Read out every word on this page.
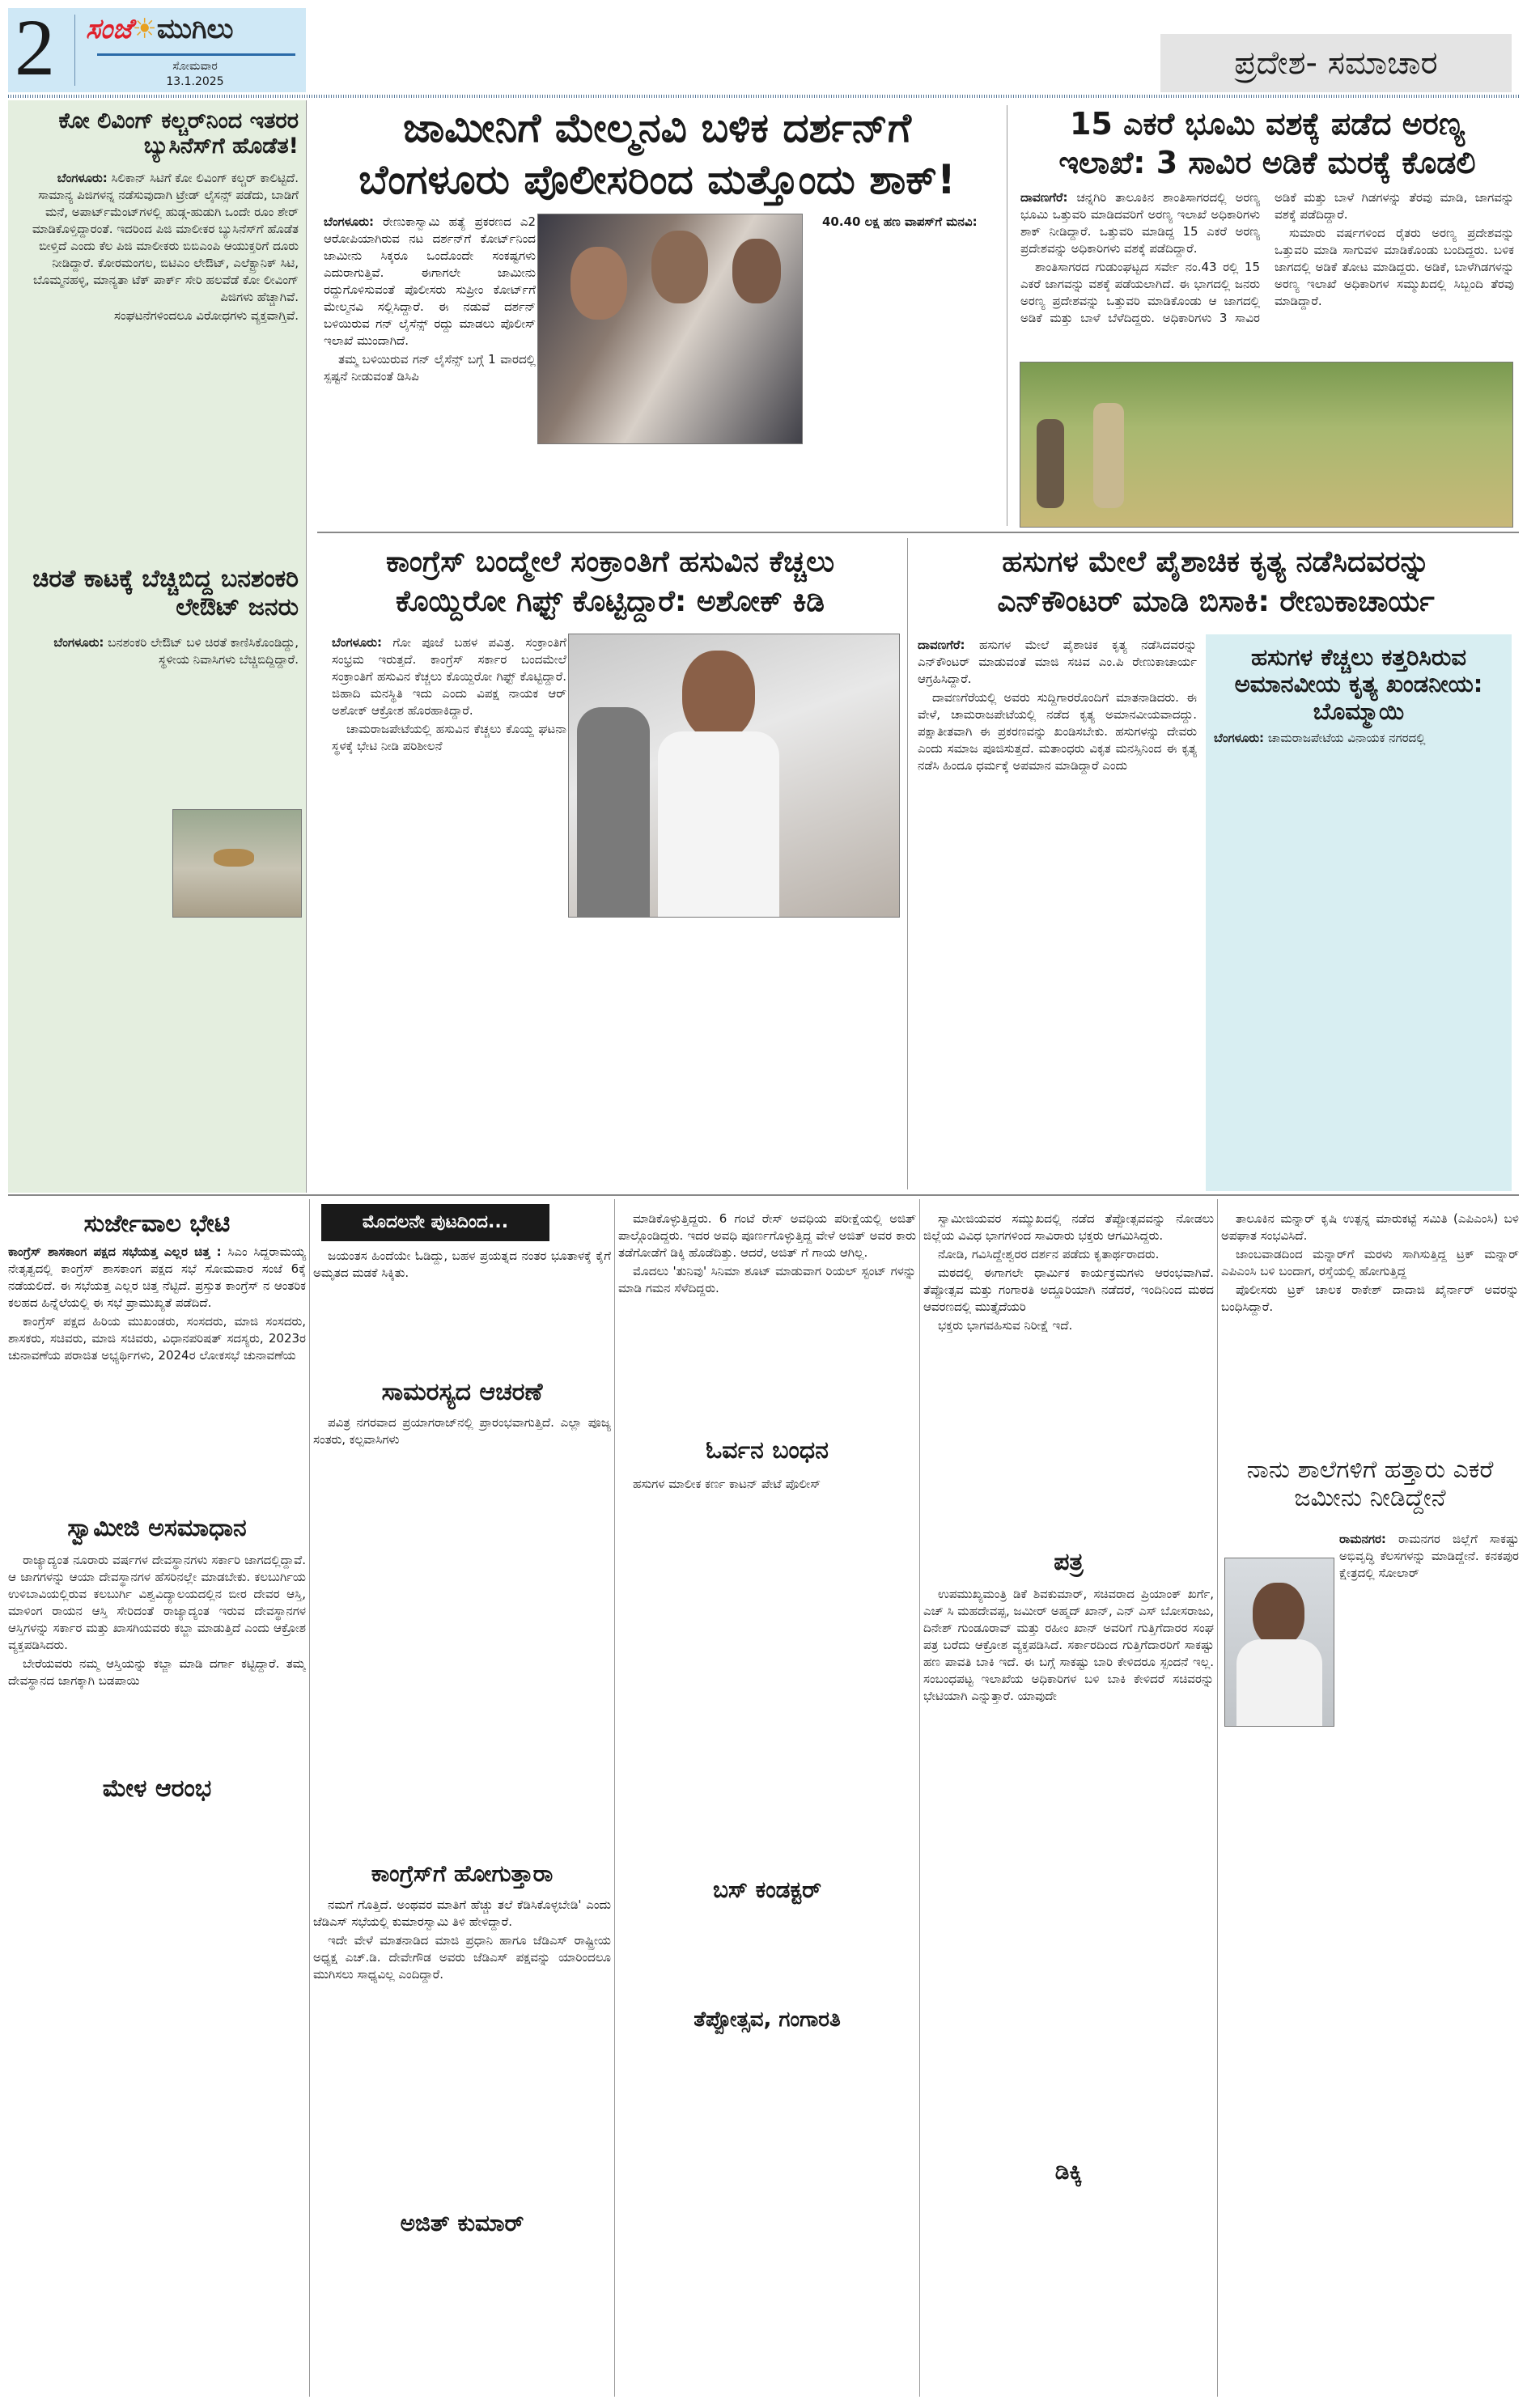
2 ಸಂಜೆ☀ಮುಗಿಲು
ಸೋಮವಾರ
13.1.2025	ಪ್ರದೇಶ- ಸಮಾಚಾರ
ಕೋ ಲಿವಿಂಗ್ ಕಲ್ಚರ್‌ನಿಂದ ಇತರರ ಬ್ಯುಸಿನೆಸ್‌ಗೆ ಹೊಡೆತ!

ಬೆಂಗಳೂರು: ಸಿಲಿಕಾನ್ ಸಿಟಿಗೆ ಕೋ ಲಿವಿಂಗ್ ಕಲ್ಚರ್ ಕಾಲಿಟ್ಟಿದೆ. ಸಾಮಾನ್ಯ ಪಿಜಿಗಳನ್ನ ನಡೆಸುವುದಾಗಿ ಟ್ರೇಡ್ ಲೈಸನ್ಸ್ ಪಡೆದು, ಬಾಡಿಗೆ ಮನೆ, ಅಪಾರ್ಟ್‌ಮೆಂಟ್‌ಗಳಲ್ಲಿ ಹುಡ್ಗ-ಹುಡುಗಿ ಒಂದೇ ರೂಂ ಶೇರ್ ಮಾಡಿಕೊಳ್ತಿದ್ದಾರಂತೆ. ಇದರಿಂದ ಪಿಜಿ ಮಾಲೀಕರ ಬ್ಯುಸಿನೆಸ್‌ಗೆ ಹೊಡೆತ ಬೀಳ್ತಿದೆ ಎಂದು ಕೆಲ ಪಿಜಿ ಮಾಲೀಕರು ಬಿಬಿಎಂಪಿ ಆಯುಕ್ತರಿಗೆ ದೂರು ನೀಡಿದ್ದಾರೆ. ಕೋರಮಂಗಲ, ಬಿಟಿಎಂ ಲೇಔಟ್, ಎಲೆಕ್ಟ್ರಾನಿಕ್ ಸಿಟಿ, ಬೊಮ್ಮನಹಳ್ಳಿ, ಮಾನ್ಯತಾ ಟೆಕ್ ಪಾರ್ಕ್ ಸೇರಿ ಹಲವೆಡೆ ಕೋ ಲೀವಿಂಗ್ ಪಿಜಿಗಳು ಹೆಚ್ಚಾಗಿವೆ.

ಸಂಘಟನೆಗಳಿಂದಲೂ ವಿರೋಧಗಳು ವ್ಯಕ್ತವಾಗ್ತಿವೆ.

ಚಿರತೆ ಕಾಟಕ್ಕೆ ಬೆಚ್ಚಿಬಿದ್ದ ಬನಶಂಕರಿ ಲೇಔಟ್ ಜನರು

ಬೆಂಗಳೂರು: ಬನಶಂಕರಿ ಲೇಔಟ್ ಬಳಿ ಚಿರತೆ ಕಾಣಿಸಿಕೊಂಡಿದ್ದು, ಸ್ಥಳೀಯ ನಿವಾಸಿಗಳು ಬೆಚ್ಚಿಬಿದ್ದಿದ್ದಾರೆ.

ಜಾಮೀನಿಗೆ ಮೇಲ್ಮನವಿ ಬಳಿಕ ದರ್ಶನ್‌ಗೆ
ಬೆಂಗಳೂರು ಪೊಲೀಸರಿಂದ ಮತ್ತೊಂದು ಶಾಕ್!

ಬೆಂಗಳೂರು: ರೇಣುಕಾಸ್ವಾಮಿ ಹತ್ಯೆ ಪ್ರಕರಣದ ಎ2 ಆರೋಪಿಯಾಗಿರುವ ನಟ ದರ್ಶನ್‌ಗೆ ಕೋರ್ಟ್‌ನಿಂದ ಜಾಮೀನು ಸಿಕ್ಕರೂ ಒಂದೊಂದೇ ಸಂಕಷ್ಟಗಳು ಎದುರಾಗುತ್ತಿವೆ. ಈಗಾಗಲೇ ಜಾಮೀನು ರದ್ದುಗೊಳಿಸುವಂತೆ ಪೊಲೀಸರು ಸುಪ್ರೀಂ ಕೋರ್ಟ್‌ಗೆ ಮೇಲ್ಮನವಿ ಸಲ್ಲಿಸಿದ್ದಾರೆ. ಈ ನಡುವೆ ದರ್ಶನ್ ಬಳಿಯಿರುವ ಗನ್ ಲೈಸೆನ್ಸ್ ರದ್ದು ಮಾಡಲು ಪೊಲೀಸ್ ಇಲಾಖೆ ಮುಂದಾಗಿದೆ.

ತಮ್ಮ ಬಳಿಯಿರುವ ಗನ್ ಲೈಸೆನ್ಸ್ ಬಗ್ಗೆ 1 ವಾರದಲ್ಲಿ ಸ್ಪಷ್ಟನೆ ನೀಡುವಂತೆ ಡಿಸಿಪಿ

40.40 ಲಕ್ಷ ಹಣ ವಾಪಸ್‌ಗೆ ಮನವಿ:

15 ಎಕರೆ ಭೂಮಿ ವಶಕ್ಕೆ ಪಡೆದ ಅರಣ್ಯ
ಇಲಾಖೆ: 3 ಸಾವಿರ ಅಡಿಕೆ ಮರಕ್ಕೆ ಕೊಡಲಿ

ದಾವಣಗೆರೆ: ಚನ್ನಗಿರಿ ತಾಲೂಕಿನ ಶಾಂತಿಸಾಗರದಲ್ಲಿ ಅರಣ್ಯ ಭೂಮಿ ಒತ್ತುವರಿ ಮಾಡಿದವರಿಗೆ ಅರಣ್ಯ ಇಲಾಖೆ ಅಧಿಕಾರಿಗಳು ಶಾಕ್ ನೀಡಿದ್ದಾರೆ. ಒತ್ತುವರಿ ಮಾಡಿದ್ದ 15 ಎಕರೆ ಅರಣ್ಯ ಪ್ರದೇಶವನ್ನು ಅಧಿಕಾರಿಗಳು ವಶಕ್ಕೆ ಪಡೆದಿದ್ದಾರೆ.

ಶಾಂತಿಸಾಗರದ ಗುಡುಂಘಟ್ಟದ ಸರ್ವೇ ನಂ.43 ರಲ್ಲಿ 15 ಎಕರೆ ಜಾಗವನ್ನು ವಶಕ್ಕೆ ಪಡೆಯಲಾಗಿದೆ. ಈ ಭಾಗದಲ್ಲಿ ಜನರು ಅರಣ್ಯ ಪ್ರದೇಶವನ್ನು ಒತ್ತುವರಿ ಮಾಡಿಕೊಂಡು ಆ ಜಾಗದಲ್ಲಿ ಅಡಿಕೆ ಮತ್ತು ಬಾಳೆ ಬೆಳೆದಿದ್ದರು. ಅಧಿಕಾರಿಗಳು 3 ಸಾವಿರ ಅಡಿಕೆ ಮತ್ತು ಬಾಳೆ ಗಿಡಗಳನ್ನು ತೆರವು ಮಾಡಿ, ಜಾಗವನ್ನು ವಶಕ್ಕೆ ಪಡೆದಿದ್ದಾರೆ.

ಸುಮಾರು ವರ್ಷಗಳಿಂದ ರೈತರು ಅರಣ್ಯ ಪ್ರದೇಶವನ್ನು ಒತ್ತುವರಿ ಮಾಡಿ ಸಾಗುವಳಿ ಮಾಡಿಕೊಂಡು ಬಂದಿದ್ದರು. ಬಳಿಕ ಜಾಗದಲ್ಲಿ ಅಡಿಕೆ ತೋಟ ಮಾಡಿದ್ದರು. ಅಡಿಕೆ, ಬಾಳೆಗಿಡಗಳನ್ನು ಅರಣ್ಯ ಇಲಾಖೆ ಅಧಿಕಾರಿಗಳ ಸಮ್ಮುಖದಲ್ಲಿ ಸಿಬ್ಬಂದಿ ತೆರವು ಮಾಡಿದ್ದಾರೆ.

ಕಾಂಗ್ರೆಸ್ ಬಂದ್ಮೇಲೆ ಸಂಕ್ರಾಂತಿಗೆ ಹಸುವಿನ ಕೆಚ್ಚಲು
ಕೊಯ್ದಿರೋ ಗಿಫ್ಟ್ ಕೊಟ್ಟಿದ್ದಾರೆ: ಅಶೋಕ್ ಕಿಡಿ

ಬೆಂಗಳೂರು: ಗೋ ಪೂಜೆ ಬಹಳ ಪವಿತ್ರ. ಸಂಕ್ರಾಂತಿಗೆ ಸಂಭ್ರಮ ಇರುತ್ತದೆ. ಕಾಂಗ್ರೆಸ್ ಸರ್ಕಾರ ಬಂದಮೇಲೆ ಸಂಕ್ರಾಂತಿಗೆ ಹಸುವಿನ ಕೆಚ್ಚಲು ಕೊಯ್ದಿರೋ ಗಿಫ್ಟ್ ಕೊಟ್ಟಿದ್ದಾರೆ. ಜಿಹಾದಿ ಮನಸ್ಥಿತಿ ಇದು ಎಂದು ವಿಪಕ್ಷ ನಾಯಕ ಆರ್ ಅಶೋಕ್ ಆಕ್ರೋಶ ಹೊರಹಾಕಿದ್ದಾರೆ.

ಚಾಮರಾಜಪೇಟೆಯಲ್ಲಿ ಹಸುವಿನ ಕೆಚ್ಚಲು ಕೊಯ್ದ ಘಟನಾ ಸ್ಥಳಕ್ಕೆ ಭೇಟಿ ನೀಡಿ ಪರಿಶೀಲನೆ

ಹಸುಗಳ ಮೇಲೆ ಪೈಶಾಚಿಕ ಕೃತ್ಯ ನಡೆಸಿದವರನ್ನು
ಎನ್‌ಕೌಂಟರ್ ಮಾಡಿ ಬಿಸಾಕಿ: ರೇಣುಕಾಚಾರ್ಯ

ದಾವಣಗೆರೆ: ಹಸುಗಳ ಮೇಲೆ ಪೈಶಾಚಿಕ ಕೃತ್ಯ ನಡೆಸಿದವರನ್ನು ಎನ್‌ಕೌಂಟರ್ ಮಾಡುವಂತೆ ಮಾಜಿ ಸಚಿವ ಎಂ.ಪಿ ರೇಣುಕಾಚಾರ್ಯ ಆಗ್ರಹಿಸಿದ್ದಾರೆ.

ದಾವಣಗೆರೆಯಲ್ಲಿ ಅವರು ಸುದ್ದಿಗಾರರೊಂದಿಗೆ ಮಾತನಾಡಿದರು. ಈ ವೇಳೆ, ಚಾಮರಾಜಪೇಟೆಯಲ್ಲಿ ನಡೆದ ಕೃತ್ಯ ಅಮಾನವೀಯವಾದದ್ದು. ಪಕ್ಷಾತೀತವಾಗಿ ಈ ಪ್ರಕರಣವನ್ನು ಖಂಡಿಸಬೇಕು. ಹಸುಗಳನ್ನು ದೇವರು ಎಂದು ಸಮಾಜ ಪೂಜಿಸುತ್ತದೆ. ಮತಾಂಧರು ವಿಕೃತ ಮನಸ್ಸಿನಿಂದ ಈ ಕೃತ್ಯ ನಡೆಸಿ ಹಿಂದೂ ಧರ್ಮಕ್ಕೆ ಅಪಮಾನ ಮಾಡಿದ್ದಾರೆ ಎಂದು

ಹಸುಗಳ ಕೆಚ್ಚಲು ಕತ್ತರಿಸಿರುವ ಅಮಾನವೀಯ ಕೃತ್ಯ ಖಂಡನೀಯ: ಬೊಮ್ಮಾಯಿ

ಬೆಂಗಳೂರು: ಚಾಮರಾಜಪೇಟೆಯ ವಿನಾಯಕ ನಗರದಲ್ಲಿ

ಸುರ್ಜೇವಾಲ ಭೇಟಿ

ಕಾಂಗ್ರೆಸ್ ಶಾಸಕಾಂಗ ಪಕ್ಷದ ಸಭೆಯತ್ತ ಎಲ್ಲರ ಚಿತ್ತ : ಸಿಎಂ ಸಿದ್ದರಾಮಯ್ಯ ನೇತೃತ್ವದಲ್ಲಿ ಕಾಂಗ್ರೆಸ್ ಶಾಸಕಾಂಗ ಪಕ್ಷದ ಸಭೆ ಸೋಮವಾರ ಸಂಜೆ 6ಕ್ಕೆ ನಡೆಯಲಿದೆ. ಈ ಸಭೆಯತ್ತ ಎಲ್ಲರ ಚಿತ್ತ ನೆಟ್ಟಿದೆ. ಪ್ರಸ್ತುತ ಕಾಂಗ್ರೆಸ್ ನ ಆಂತರಿಕ ಕಲಹದ ಹಿನ್ನೆಲೆಯಲ್ಲಿ ಈ ಸಭೆ ಪ್ರಾಮುಖ್ಯತೆ ಪಡೆದಿದೆ.

ಕಾಂಗ್ರೆಸ್ ಪಕ್ಷದ ಹಿರಿಯ ಮುಖಂಡರು, ಸಂಸದರು, ಮಾಜಿ ಸಂಸದರು, ಶಾಸಕರು, ಸಚಿವರು, ಮಾಜಿ ಸಚಿವರು, ವಿಧಾನಪರಿಷತ್ ಸದಸ್ಯರು, 2023ರ ಚುನಾವಣೆಯ ಪರಾಜಿತ ಅಭ್ಯರ್ಥಿಗಳು, 2024ರ ಲೋಕಸಭೆ ಚುನಾವಣೆಯ

ಸ್ವಾಮೀಜಿ ಅಸಮಾಧಾನ

ರಾಜ್ಯಾದ್ಯಂತ ನೂರಾರು ವರ್ಷಗಳ ದೇವಸ್ಥಾನಗಳು ಸರ್ಕಾರಿ ಜಾಗದಲ್ಲಿದ್ದಾವೆ. ಆ ಜಾಗಗಳನ್ನು ಆಯಾ ದೇವಸ್ಥಾನಗಳ ಹೆಸರಿನಲ್ಲೇ ಮಾಡಬೇಕು. ಕಲಬುರ್ಗಿಯ ಉಳಿಬಾವಿಯಲ್ಲಿರುವ ಕಲಬುರ್ಗಿ ವಿಶ್ವವಿದ್ಯಾಲಯದಲ್ಲಿನ ಬೀರ ದೇವರ ಆಸ್ತಿ, ಮಾಳಿಂಗ ರಾಯನ ಆಸ್ತಿ ಸೇರಿದಂತೆ ರಾಜ್ಯಾದ್ಯಂತ ಇರುವ ದೇವಸ್ಥಾನಗಳ ಆಸ್ತಿಗಳನ್ನು ಸರ್ಕಾರ ಮತ್ತು ಖಾಸಗಿಯವರು ಕಬ್ಜಾ ಮಾಡುತ್ತಿದೆ ಎಂದು ಆಕ್ರೋಶ ವ್ಯಕ್ತಪಡಿಸಿದರು.

ಬೇರೆಯವರು ನಮ್ಮ ಆಸ್ತಿಯನ್ನು ಕಬ್ಜಾ ಮಾಡಿ ದರ್ಗಾ ಕಟ್ಟಿದ್ದಾರೆ. ತಮ್ಮ ದೇವಸ್ಥಾನದ ಜಾಗಕ್ಕಾಗಿ ಬಡಪಾಯಿ

ಮೇಳ ಆರಂಭ
ಮೊದಲನೇ ಪುಟದಿಂದ...

ಜಯಂತಸ ಹಿಂದೆಯೇ ಓಡಿದ್ದು, ಬಹಳ ಪ್ರಯತ್ನದ ನಂತರ ಭೂತಾಳಕ್ಕೆ ಕೈಗೆ ಅಮೃತದ ಮಡಕೆ ಸಿಕ್ಕಿತು.

ಸಾಮರಸ್ಯದ ಆಚರಣೆ

ಪವಿತ್ರ ನಗರವಾದ ಪ್ರಯಾಗರಾಜ್‌ನಲ್ಲಿ ಪ್ರಾರಂಭವಾಗುತ್ತಿದೆ. ಎಲ್ಲಾ ಪೂಜ್ಯ ಸಂತರು, ಕಲ್ಪವಾಸಿಗಳು

ಕಾಂಗ್ರೆಸ್‌ಗೆ ಹೋಗುತ್ತಾರಾ

ನಮಗೆ ಗೊತ್ತಿದೆ. ಅಂಥವರ ಮಾತಿಗೆ ಹೆಚ್ಚು ತಲೆ ಕೆಡಿಸಿಕೊಳ್ಳಬೇಡಿ' ಎಂದು ಜೆಡಿಎಸ್ ಸಭೆಯಲ್ಲಿ ಕುಮಾರಸ್ವಾಮಿ ತಿಳಿ ಹೇಳಿದ್ದಾರೆ.

ಇದೇ ವೇಳೆ ಮಾತನಾಡಿದ ಮಾಜಿ ಪ್ರಧಾನಿ ಹಾಗೂ ಜೆಡಿಎಸ್ ರಾಷ್ಟ್ರೀಯ ಅಧ್ಯಕ್ಷ ಎಚ್.ಡಿ. ದೇವೇಗೌಡ ಅವರು ಜೆಡಿಎಸ್ ಪಕ್ಷವನ್ನು ಯಾರಿಂದಲೂ ಮುಗಿಸಲು ಸಾಧ್ಯವಿಲ್ಲ ಎಂದಿದ್ದಾರೆ.

ಅಜಿತ್ ಕುಮಾರ್

ಮಾಡಿಕೊಳ್ಳುತ್ತಿದ್ದರು. 6 ಗಂಟೆ ರೇಸ್ ಅವಧಿಯ ಪರೀಕ್ಷೆಯಲ್ಲಿ ಅಜಿತ್ ಪಾಲ್ಗೊಂಡಿದ್ದರು. ಇದರ ಅವಧಿ ಪೂರ್ಣಗೊಳ್ಳುತ್ತಿದ್ದ ವೇಳೆ ಅಜಿತ್ ಅವರ ಕಾರು ತಡೆಗೋಡೆಗೆ ಡಿಕ್ಕಿ ಹೊಡೆದಿತ್ತು. ಆದರೆ, ಅಜಿತ್ ಗೆ ಗಾಯ ಆಗಿಲ್ಲ.

ಮೊದಲು 'ತುನಿವು' ಸಿನಿಮಾ ಶೂಟ್ ಮಾಡುವಾಗ ರಿಯಲ್ ಸ್ಟಂಟ್ ಗಳನ್ನು ಮಾಡಿ ಗಮನ ಸೆಳೆದಿದ್ದರು.

ಓರ್ವನ ಬಂಧನ

ಹಸುಗಳ ಮಾಲೀಕ ಕರ್ಣ ಕಾಟನ್ ಪೇಟೆ ಪೊಲೀಸ್

ಬಸ್ ಕಂಡಕ್ಟರ್
ತೆಪ್ಪೋತ್ಸವ, ಗಂಗಾರತಿ

ಸ್ವಾಮೀಜಿಯವರ ಸಮ್ಮುಖದಲ್ಲಿ ನಡೆದ ತೆಪ್ಪೋತ್ಸವವನ್ನು ನೋಡಲು ಜಿಲ್ಲೆಯ ವಿವಿಧ ಭಾಗಗಳಿಂದ ಸಾವಿರಾರು ಭಕ್ತರು ಆಗಮಿಸಿದ್ದರು.

ನೋಡಿ, ಗವಿಸಿದ್ದೇಶ್ವರರ ದರ್ಶನ ಪಡೆದು ಕೃತಾರ್ಥರಾದರು.

ಮಠದಲ್ಲಿ ಈಗಾಗಲೇ ಧಾರ್ಮಿಕ ಕಾರ್ಯಕ್ರಮಗಳು ಆರಂಭವಾಗಿವೆ. ತೆಪ್ಪೋತ್ಸವ ಮತ್ತು ಗಂಗಾರತಿ ಅದ್ದೂರಿಯಾಗಿ ನಡೆದರೆ, ಇಂದಿನಿಂದ ಮಠದ ಆವರಣದಲ್ಲಿ ಮುತ್ತೈದೆಯರಿ

ಭಕ್ತರು ಭಾಗವಹಿಸುವ ನಿರೀಕ್ಷೆ ಇದೆ.

ಪತ್ರ

ಉಪಮುಖ್ಯಮಂತ್ರಿ ಡಿಕೆ ಶಿವಕುಮಾರ್, ಸಚಿವರಾದ ಪ್ರಿಯಾಂಕ್ ಖರ್ಗೆ, ಎಚ್ ಸಿ ಮಹದೇವಪ್ಪ, ಜಮೀರ್ ಅಹ್ಮದ್ ಖಾನ್, ಎನ್ ಎಸ್ ಬೋಸರಾಜು, ದಿನೇಶ್ ಗುಂಡೂರಾವ್ ಮತ್ತು ರಹೀಂ ಖಾನ್ ಅವರಿಗೆ ಗುತ್ತಿಗೆದಾರರ ಸಂಘ ಪತ್ರ ಬರೆದು ಆಕ್ರೋಶ ವ್ಯಕ್ತಪಡಿಸಿದೆ. ಸರ್ಕಾರದಿಂದ ಗುತ್ತಿಗೆದಾರರಿಗೆ ಸಾಕಷ್ಟು ಹಣ ಪಾವತಿ ಬಾಕಿ ಇದೆ. ಈ ಬಗ್ಗೆ ಸಾಕಷ್ಟು ಬಾರಿ ಕೇಳಿದರೂ ಸ್ಪಂದನೆ ಇಲ್ಲ. ಸಂಬಂಧಪಟ್ಟ ಇಲಾಖೆಯ ಅಧಿಕಾರಿಗಳ ಬಳಿ ಬಾಕಿ ಕೇಳಿದರೆ ಸಚಿವರನ್ನು ಭೇಟಿಯಾಗಿ ಎನ್ನುತ್ತಾರೆ. ಯಾವುದೇ

ಡಿಕ್ಕಿ

ತಾಲೂಕಿನ ಮನ್ನಾರ್ ಕೃಷಿ ಉತ್ಪನ್ನ ಮಾರುಕಟ್ಟೆ ಸಮಿತಿ (ಎಪಿಎಂಸಿ) ಬಳಿ ಅಪಘಾತ ಸಂಭವಿಸಿದೆ.

ಜಾಂಬವಾಡದಿಂದ ಮನ್ನಾರ್‌ಗೆ ಮರಳು ಸಾಗಿಸುತ್ತಿದ್ದ ಟ್ರಕ್ ಮನ್ನಾರ್ ಎಪಿಎಂಸಿ ಬಳಿ ಬಂದಾಗ, ರಸ್ತೆಯಲ್ಲಿ ಹೋಗುತ್ತಿದ್ದ

ಪೊಲೀಸರು ಟ್ರಕ್ ಚಾಲಕ ರಾಕೇಶ್ ದಾದಾಜಿ ಖೈರ್ನಾರ್ ಅವರನ್ನು ಬಂಧಿಸಿದ್ದಾರೆ.

ನಾನು ಶಾಲೆಗಳಿಗೆ ಹತ್ತಾರು ಎಕರೆ ಜಮೀನು ನೀಡಿದ್ದೇನೆ

ರಾಮನಗರ: ರಾಮನಗರ ಜಿಲ್ಲೆಗೆ ಸಾಕಷ್ಟು ಅಭಿವೃದ್ಧಿ ಕೆಲಸಗಳನ್ನು ಮಾಡಿದ್ದೇನೆ. ಕನಕಪುರ ಕ್ಷೇತ್ರದಲ್ಲಿ ಸೋಲಾರ್
